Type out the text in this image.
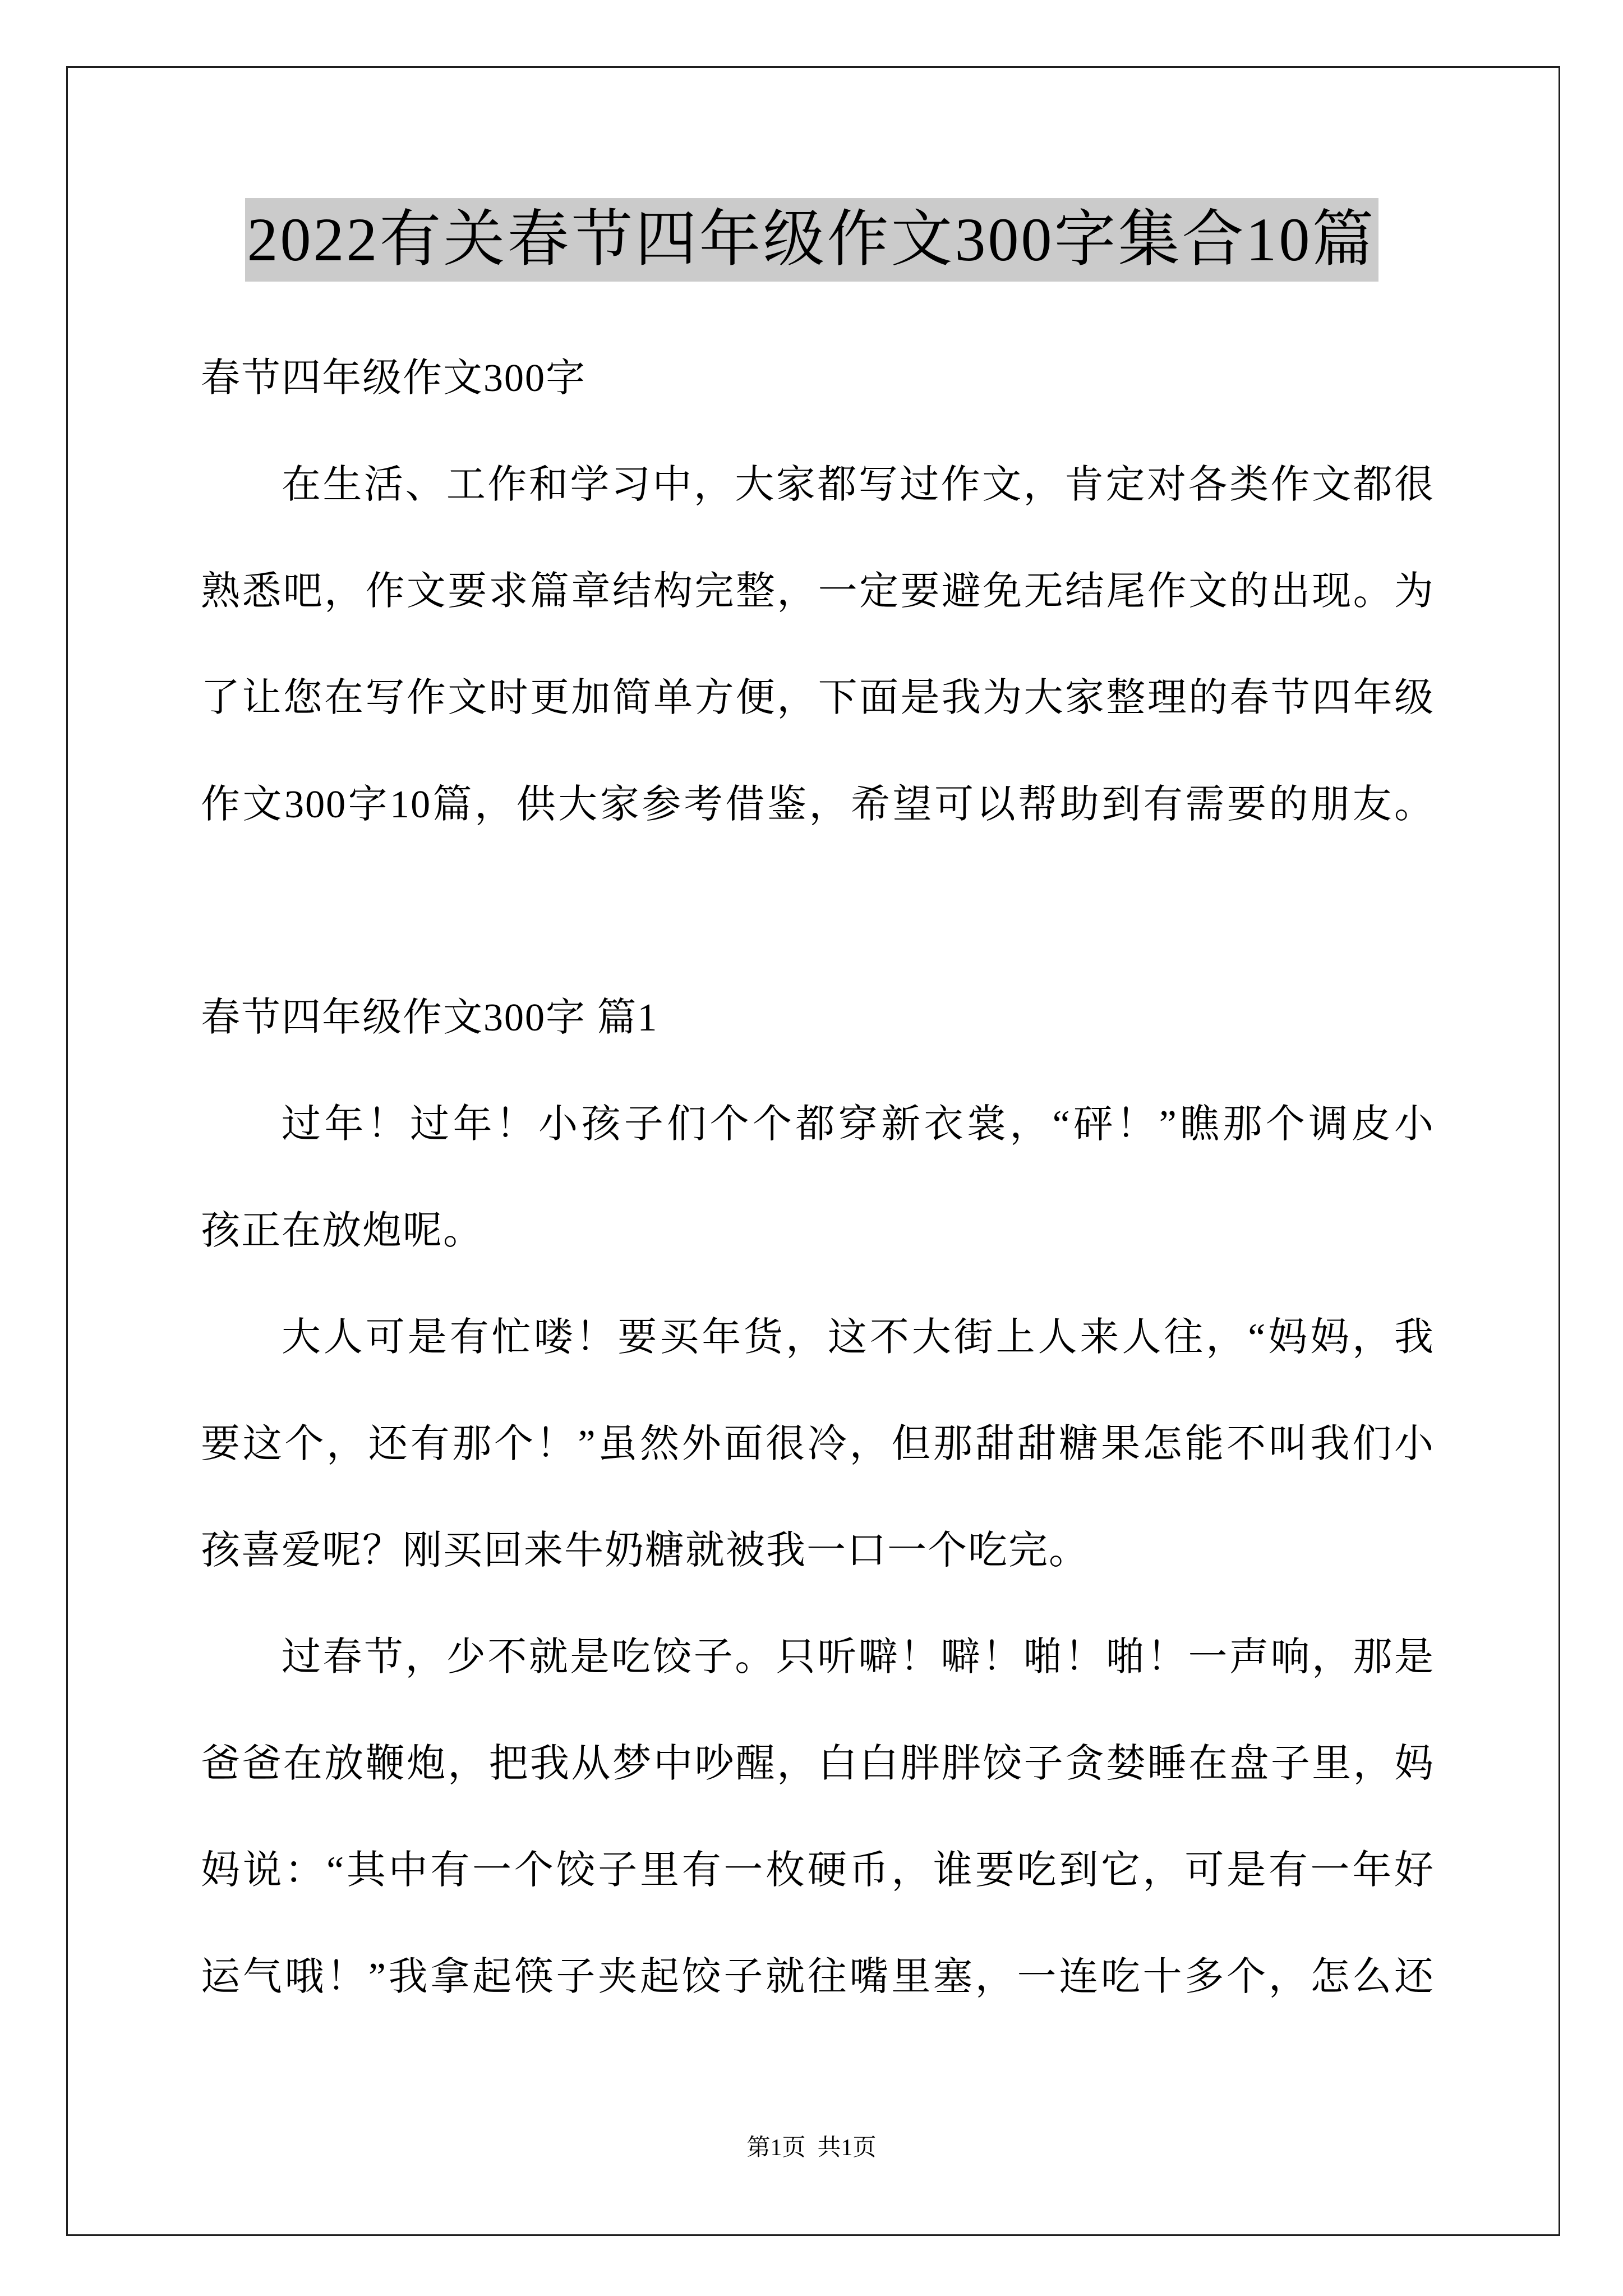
2022有关春节四年级作文300字集合10篇
春节四年级作文300字
在生活、工作和学习中，大家都写过作文，肯定对各类作文都很
熟悉吧，作文要求篇章结构完整，一定要避免无结尾作文的出现。为
了让您在写作文时更加简单方便，下面是我为大家整理的春节四年级
作文300字10篇，供大家参考借鉴，希望可以帮助到有需要的朋友。
春节四年级作文300字 篇1
过年！过年！小孩子们个个都穿新衣裳，“砰！”瞧那个调皮小
孩正在放炮呢。
大人可是有忙喽！要买年货，这不大街上人来人往，“妈妈，我
要这个，还有那个！”虽然外面很冷，但那甜甜糖果怎能不叫我们小
孩喜爱呢？刚买回来牛奶糖就被我一口一个吃完。
过春节，少不就是吃饺子。只听噼！噼！啪！啪！一声响，那是
爸爸在放鞭炮，把我从梦中吵醒，白白胖胖饺子贪婪睡在盘子里，妈
妈说：“其中有一个饺子里有一枚硬币，谁要吃到它，可是有一年好
运气哦！”我拿起筷子夹起饺子就往嘴里塞，一连吃十多个，怎么还
第1页  共1页
